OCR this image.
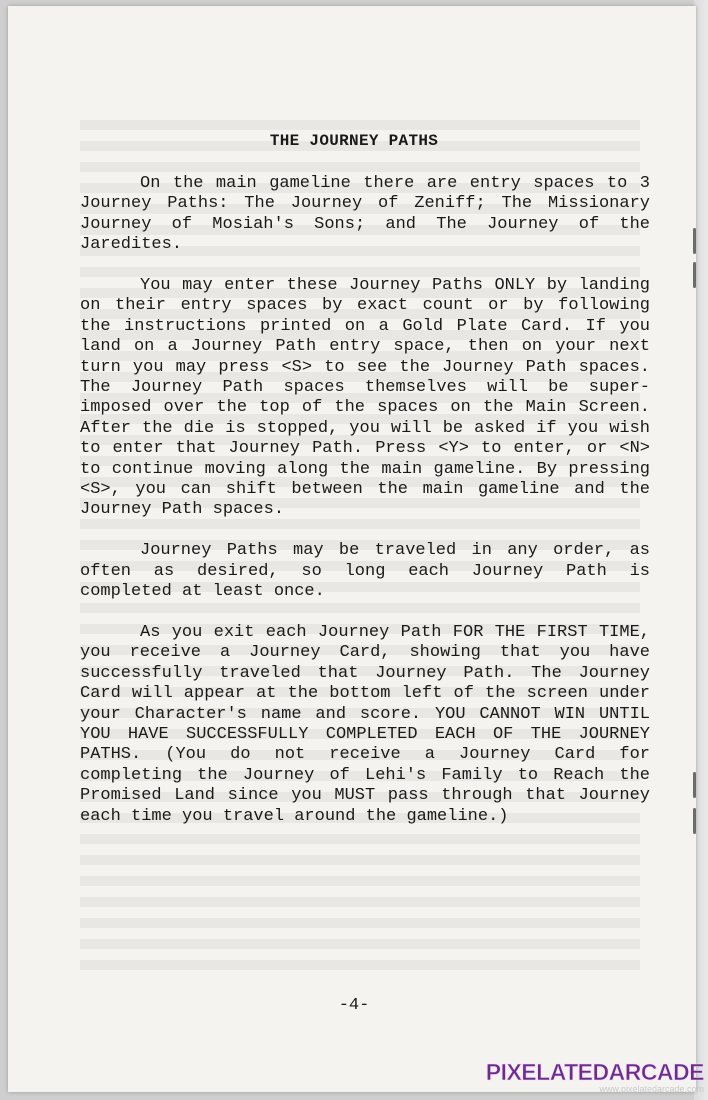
THE JOURNEY PATHS

On the main gameline there are entry spaces to 3 Journey Paths: The Journey of Zeniff; The Missionary Journey of Mosiah's Sons; and The Journey of the Jaredites.

You may enter these Journey Paths ONLY by landing on their entry spaces by exact count or by following the instructions printed on a Gold Plate Card. If you land on a Journey Path entry space, then on your next turn you may press <S> to see the Journey Path spaces. The Journey Path spaces themselves will be super-imposed over the top of the spaces on the Main Screen. After the die is stopped, you will be asked if you wish to enter that Journey Path. Press <Y> to enter, or <N> to continue moving along the main gameline. By pressing <S>, you can shift between the main gameline and the Journey Path spaces.

Journey Paths may be traveled in any order, as often as desired, so long each Journey Path is completed at least once.

As you exit each Journey Path FOR THE FIRST TIME, you receive a Journey Card, showing that you have successfully traveled that Journey Path. The Journey Card will appear at the bottom left of the screen under your Character's name and score. YOU CANNOT WIN UNTIL YOU HAVE SUCCESSFULLY COMPLETED EACH OF THE JOURNEY PATHS. (You do not receive a Journey Card for completing the Journey of Lehi's Family to Reach the Promised Land since you MUST pass through that Journey each time you travel around the gameline.)

-4-
PIXELATEDARCADE
www.pixelatedarcade.com
